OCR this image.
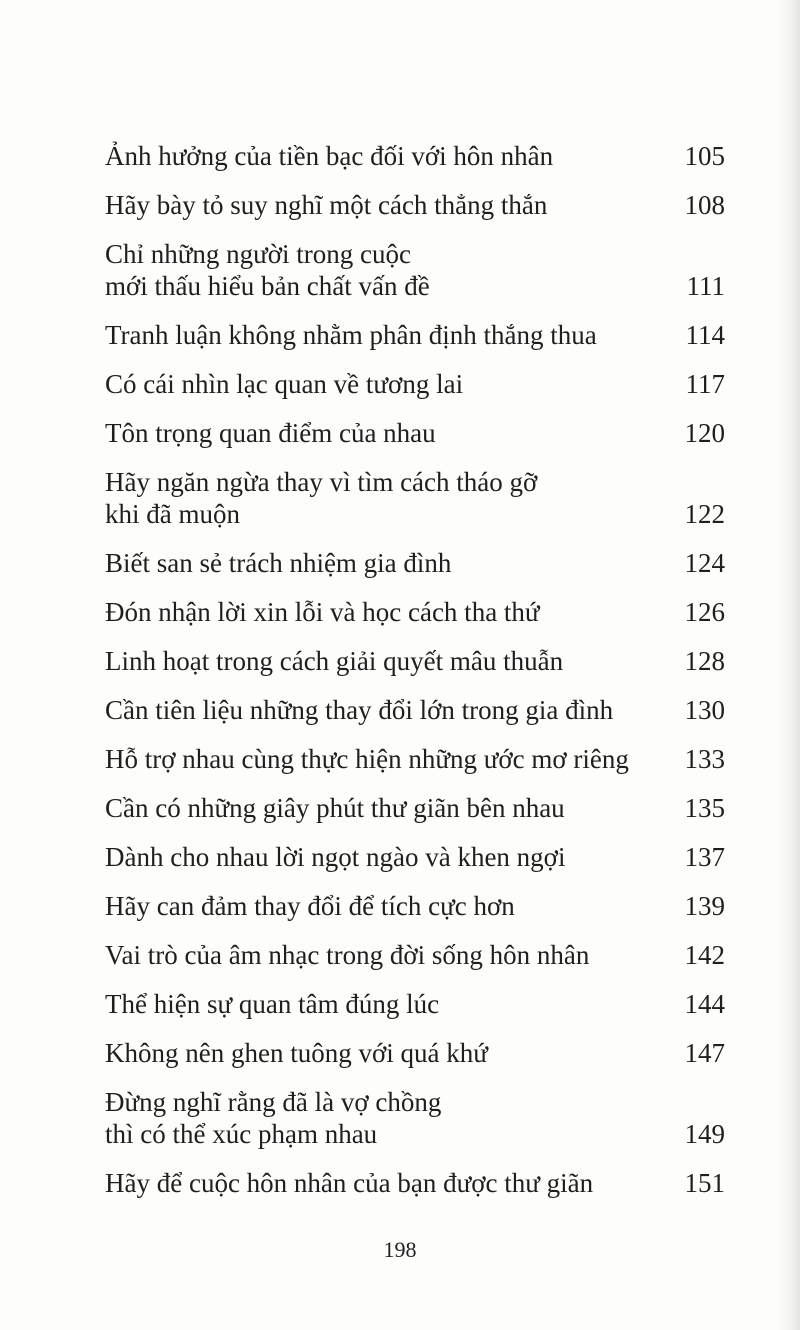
Ảnh hưởng của tiền bạc đối với hôn nhân	105
Hãy bày tỏ suy nghĩ một cách thẳng thắn	108
Chỉ những người trong cuộc
mới thấu hiểu bản chất vấn đề	111
Tranh luận không nhằm phân định thắng thua	114
Có cái nhìn lạc quan về tương lai	117
Tôn trọng quan điểm của nhau	120
Hãy ngăn ngừa thay vì tìm cách tháo gỡ
khi đã muộn	122
Biết san sẻ trách nhiệm gia đình	124
Đón nhận lời xin lỗi và học cách tha thứ	126
Linh hoạt trong cách giải quyết mâu thuẫn	128
Cần tiên liệu những thay đổi lớn trong gia đình	130
Hỗ trợ nhau cùng thực hiện những ước mơ riêng	133
Cần có những giây phút thư giãn bên nhau	135
Dành cho nhau lời ngọt ngào và khen ngợi	137
Hãy can đảm thay đổi để tích cực hơn	139
Vai trò của âm nhạc trong đời sống hôn nhân	142
Thể hiện sự quan tâm đúng lúc	144
Không nên ghen tuông với quá khứ	147
Đừng nghĩ rằng đã là vợ chồng
thì có thể xúc phạm nhau	149
Hãy để cuộc hôn nhân của bạn được thư giãn	151
198
